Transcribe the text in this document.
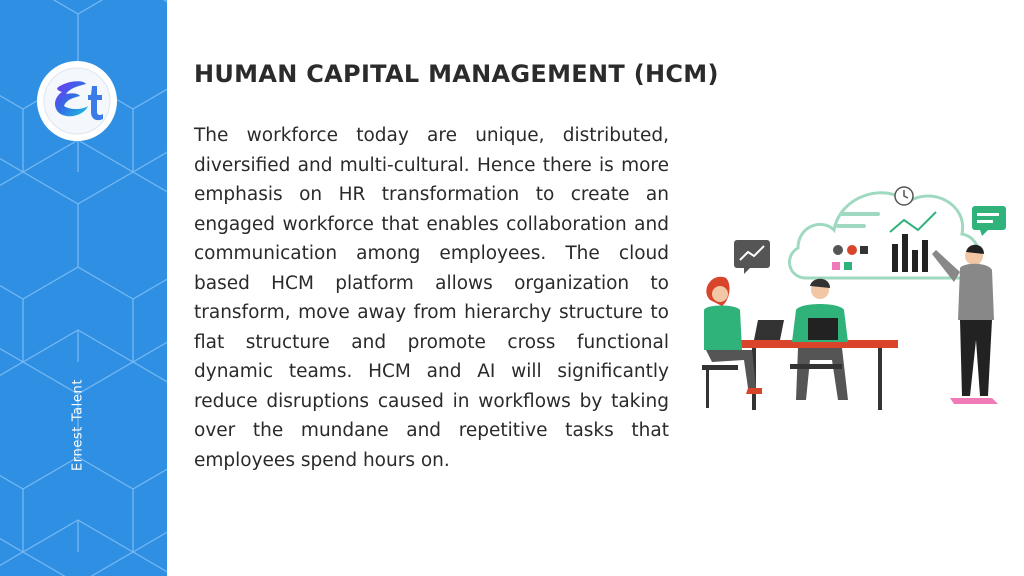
Ernest Talent
HUMAN CAPITAL MANAGEMENT (HCM)

The workforce today are unique, distributed, diversified and multi-cultural. Hence there is more emphasis on HR transformation to create an engaged workforce that enables collaboration and communication among employees. The cloud based HCM platform allows organization to transform, move away from hierarchy structure to flat structure and promote cross functional dynamic teams. HCM and AI will significantly reduce disruptions caused in workflows by taking over the mundane and repetitive tasks that employees spend hours on.
